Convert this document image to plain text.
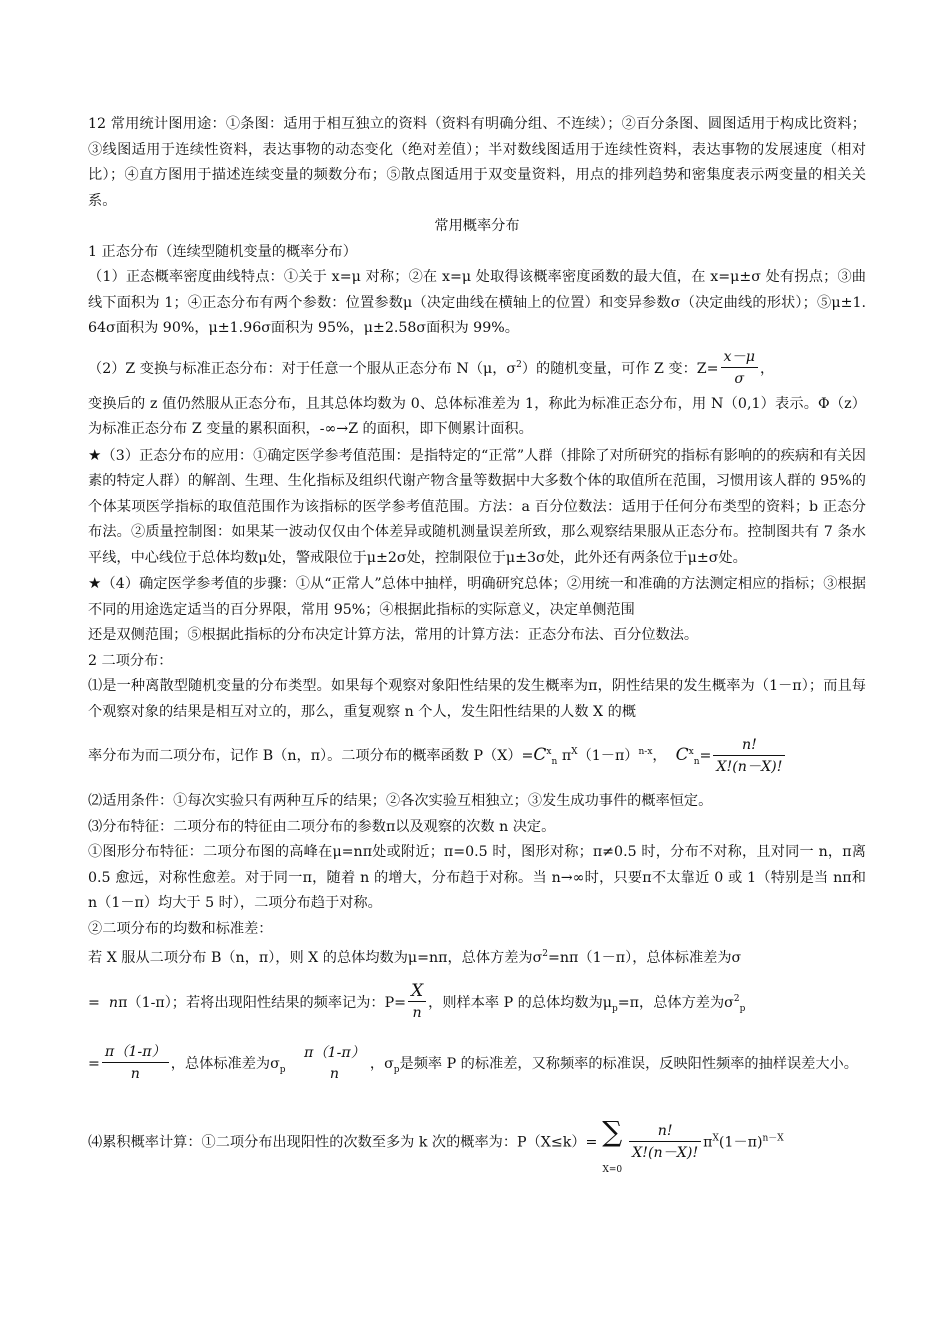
12 常用统计图用途：①条图：适用于相互独立的资料（资料有明确分组、不连续）；②百分条图、圆图适用于构成比资料；③线图适用于连续性资料，表达事物的动态变化（绝对差值）；半对数线图适用于连续性资料，表达事物的发展速度（相对比）；④直方图用于描述连续变量的频数分布；⑤散点图适用于双变量资料，用点的排列趋势和密集度表示两变量的相关关系。

常用概率分布

1 正态分布（连续型随机变量的概率分布）

（1）正态概率密度曲线特点：①关于 x=μ 对称；②在 x=μ 处取得该概率密度函数的最大值，在 x=μ±σ 处有拐点；③曲线下面积为 1；④正态分布有两个参数：位置参数μ（决定曲线在横轴上的位置）和变异参数σ（决定曲线的形状）；⑤μ±1.64σ面积为 90%，μ±1.96σ面积为 95%，μ±2.58σ面积为 99%。

（2）Z 变换与标准正态分布：对于任意一个服从正态分布 N（μ，$\sigma^2$）的随机变量，可作 Z 变：$Z= \frac{x-\mu}{\sigma}$ ，

变换后的 z 值仍然服从正态分布，且其总体均数为 0、总体标准差为 1，称此为标准正态分布，用 N（0,1）表示。Φ（z）为标准正态分布 Z 变量的累积面积，-∞→Z 的面积，即下侧累计面积。

★（3）正态分布的应用：①确定医学参考值范围：是指特定的“正常”人群（排除了对所研究的指标有影响的的疾病和有关因素的特定人群）的解剖、生理、生化指标及组织代谢产物含量等数据中大多数个体的取值所在范围，习惯用该人群的 95%的个体某项医学指标的取值范围作为该指标的医学参考值范围。方法：a 百分位数法：适用于任何分布类型的资料；b 正态分布法。②质量控制图：如果某一波动仅仅由个体差异或随机测量误差所致，那么观察结果服从正态分布。控制图共有 7 条水平线，中心线位于总体均数μ处，警戒限位于μ±2σ处，控制限位于μ±3σ处，此外还有两条位于μ±σ处。

★（4）确定医学参考值的步骤：①从“正常人”总体中抽样，明确研究总体；②用统一和准确的方法测定相应的指标；③根据不同的用途选定适当的百分界限，常用 95%；④根据此指标的实际意义，决定单侧范围

还是双侧范围；⑤根据此指标的分布决定计算方法，常用的计算方法：正态分布法、百分位数法。

2 二项分布：

⑴是一种离散型随机变量的分布类型。如果每个观察对象阳性结果的发生概率为π，阴性结果的发生概率为（1－π）；而且每个观察对象的结果是相互对立的，那么，重复观察 n 个人，发生阳性结果的人数 X 的概

率分布为而二项分布，记作 B（n，π）。二项分布的概率函数 $P(X)=C^x_n$ $\pi^X(1-\pi)^{n-x}$， $C^x_n= \frac{n!}{X!(n-X)!}$

⑵适用条件：①每次实验只有两种互斥的结果；②各次实验互相独立；③发生成功事件的概率恒定。

⑶分布特征：二项分布的特征由二项分布的参数π以及观察的次数 n 决定。

①图形分布特征：二项分布图的高峰在μ=nπ处或附近；π=0.5 时，图形对称；π≠0.5 时，分布不对称，且对同一 n，π离 0.5 愈远，对称性愈差。对于同一π，随着 n 的增大，分布趋于对称。当 n→∞时，只要π不太靠近 0 或 1（特别是当 nπ和 n（1－π）均大于 5 时），二项分布趋于对称。

②二项分布的均数和标准差：

若 X 服从二项分布 B（n，π），则 X 的总体均数为μ=nπ，总体方差为$\sigma^2=n\pi(1-\pi)$，总体标准差为σ

= nπ（1-π）；若将出现阳性结果的频率记为：$P= \frac{X}{n}$ ，则样本率 P 的总体均数为$\mu_p=\pi$，总体方差为$\sigma^2_p$

= $\frac{\pi(1-\pi)}{n}$ ，总体标准差为$\sigma_p$
π（1-π）
n
，$\sigma_p$是频率 P 的标准差，又称频率的标准误，反映阳性频率的抽样误差大小。

⑷累积概率计算：①二项分布出现阳性的次数至多为 k 次的概率为：P（X≤k）= ∑
X=0
$\frac{n!}{X!(n-X)!} \pi^X(1-\pi)^{n-X}$
